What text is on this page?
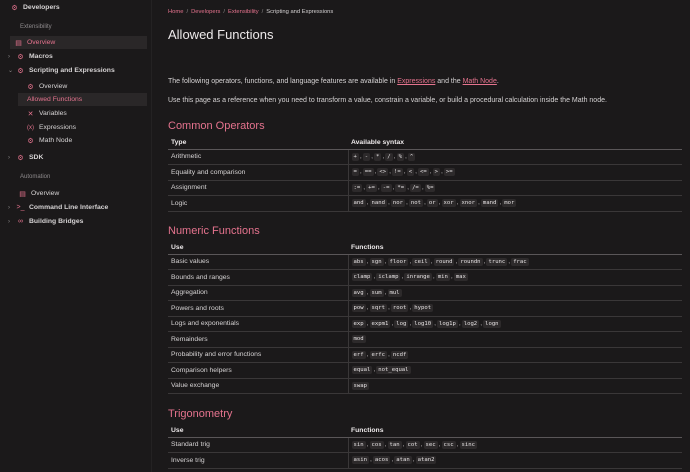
⚙ Developers
Extensibility
▤ Overview
›	⚙ Macros
⌄ ⚙ Scripting and Expressions
⚙ Overview
Allowed Functions
✕ Variables
(x) Expressions
⚙ Math Node
›	⚙ SDK
Automation
▤ Overview
› >_ Command Line Interface
›	∞ Building Bridges
Home / Developers / Extensibility / Scripting and Expressions
Allowed Functions
The following operators, functions, and language features are available in Expressions and the Math Node.
Use this page as a reference when you need to transform a value, constrain a variable, or build a procedural calculation inside the Math node.
Common Operators
Type	Available syntax
Arithmetic	+ , - , * , / , % , ^
Equality and comparison	= , == , <> , != , < , <= , > , >=
Assignment	:= , += , -= , *= , /= , %=
Logic	and , nand , nor , not , or , xor , xnor , mand , mor
Numeric Functions
Use	Functions
Basic values	abs , sgn , floor , ceil , round , roundn , trunc , frac
Bounds and ranges	clamp , iclamp , inrange , min , max
Aggregation	avg , sum , mul
Powers and roots	pow , sqrt , root , hypot
Logs and exponentials	exp , expm1 , log , log10 , log1p , log2 , logn
Remainders	mod
Probability and error functions	erf , erfc , ncdf
Comparison helpers	equal , not_equal
Value exchange	swap
Trigonometry
Use	Functions
Standard trig	sin , cos , tan , cot , sec , csc , sinc
Inverse trig	asin , acos , atan , atan2
